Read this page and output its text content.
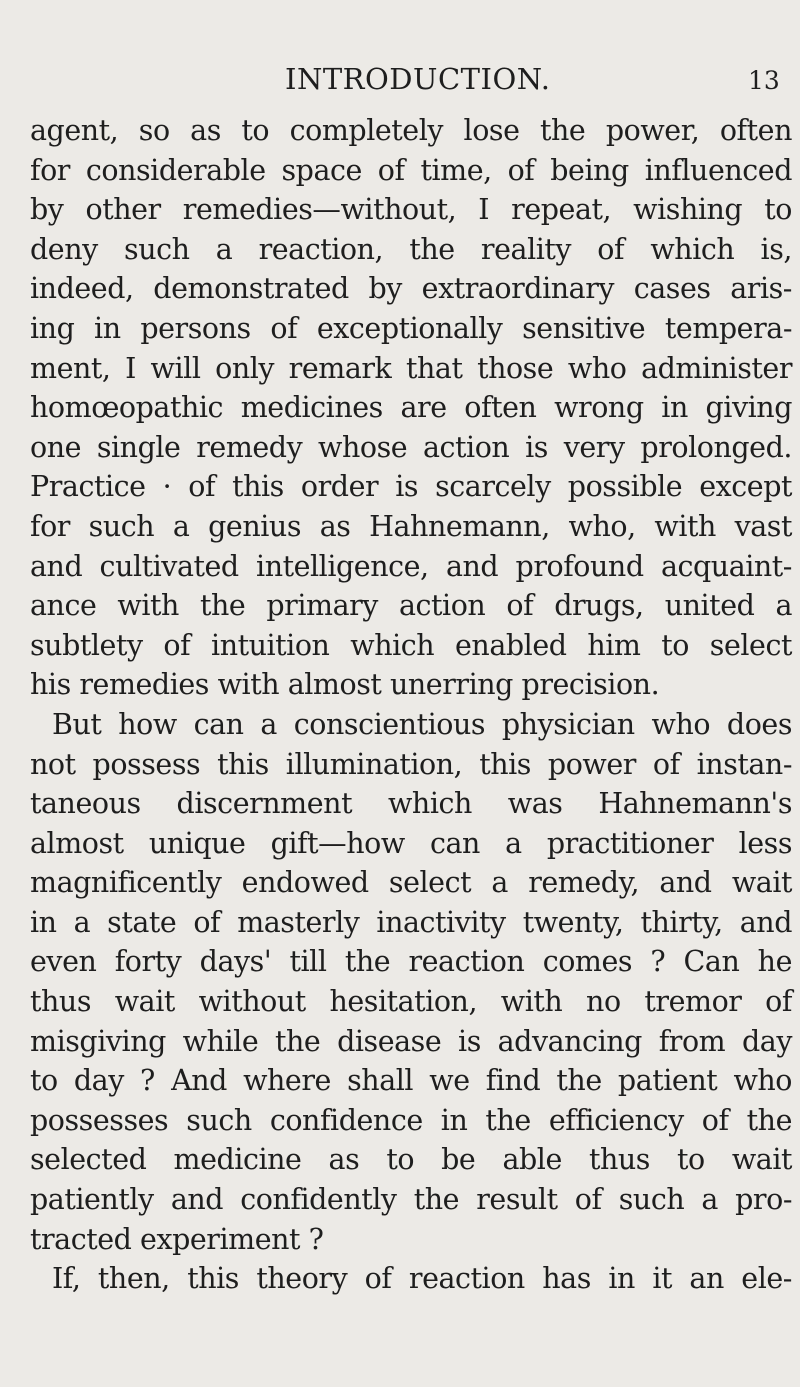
INTRODUCTION.	13
agent, so as to completely lose the power, often
for considerable space of time, of being influenced
by other remedies—without, I repeat, wishing to
deny such a reaction, the reality of which is,
indeed, demonstrated by extraordinary cases aris-
ing in persons of exceptionally sensitive tempera-
ment, I will only remark that those who administer
homœopathic medicines are often wrong in giving
one single remedy whose action is very prolonged.
Practice · of this order is scarcely possible except
for such a genius as Hahnemann, who, with vast
and cultivated intelligence, and profound acquaint-
ance with the primary action of drugs, united a
subtlety of intuition which enabled him to select
his remedies with almost unerring precision.
But how can a conscientious physician who does
not possess this illumination, this power of instan-
taneous discernment which was Hahnemann's
almost unique gift—how can a practitioner less
magnificently endowed select a remedy, and wait
in a state of masterly inactivity twenty, thirty, and
even forty days' till the reaction comes ? Can he
thus wait without hesitation, with no tremor of
misgiving while the disease is advancing from day
to day ? And where shall we find the patient who
possesses such confidence in the efficiency of the
selected medicine as to be able thus to wait
patiently and confidently the result of such a pro-
tracted experiment ?
If, then, this theory of reaction has in it an ele-
